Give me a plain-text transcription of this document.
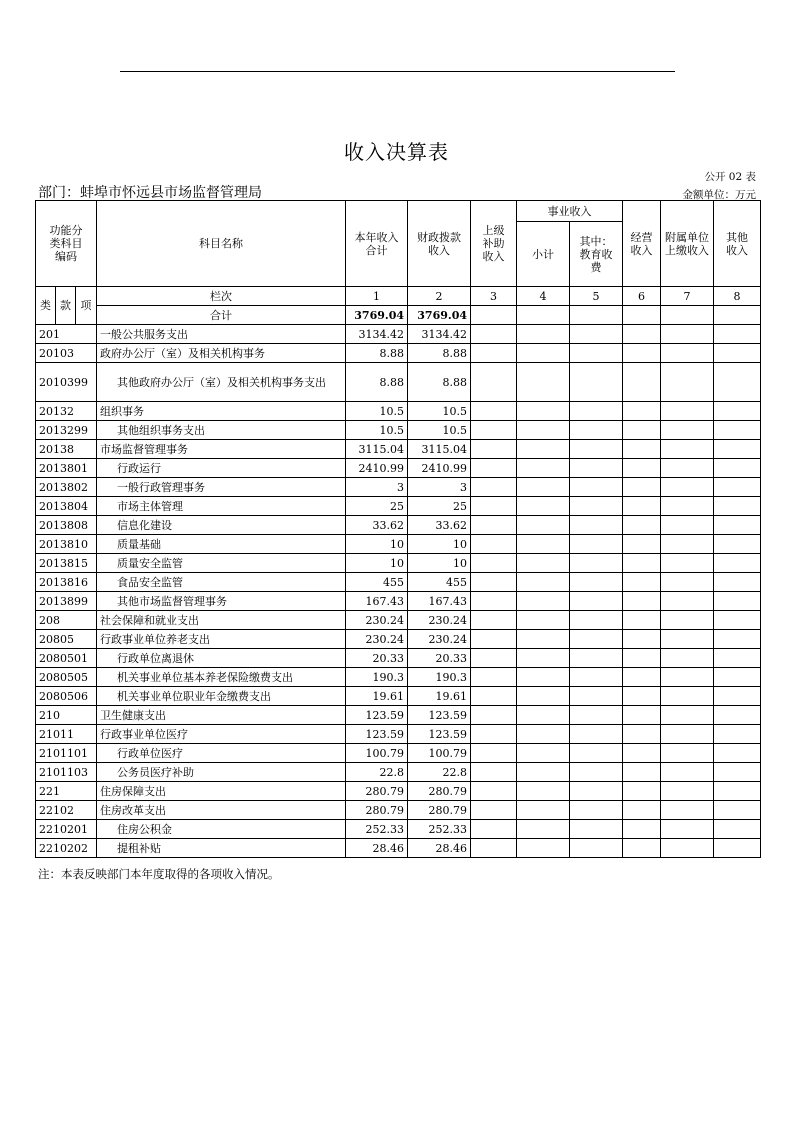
收入决算表
公开 02 表
部门：蚌埠市怀远县市场监督管理局	金额单位：万元
功能分类科目编码			科目名称	本年收入合计	财政拨款收入	上级补助收入	事业收入		经营收入	附属单位上缴收入	其他收入
							小计	其中：教育收费			
类	款	项	栏次	1	2	3	4	5	6	7	8
			合计	3769.04	3769.04						
201			一般公共服务支出	3134.42	3134.42						
20103			政府办公厅（室）及相关机构事务	8.88	8.88						
2010399			其他政府办公厅（室）及相关机构事务支出	8.88	8.88						
20132			组织事务	10.5	10.5						
2013299			其他组织事务支出	10.5	10.5						
20138			市场监督管理事务	3115.04	3115.04						
2013801			行政运行	2410.99	2410.99						
2013802			一般行政管理事务	3	3						
2013804			市场主体管理	25	25						
2013808			信息化建设	33.62	33.62						
2013810			质量基础	10	10						
2013815			质量安全监管	10	10						
2013816			食品安全监管	455	455						
2013899			其他市场监督管理事务	167.43	167.43						
208			社会保障和就业支出	230.24	230.24						
20805			行政事业单位养老支出	230.24	230.24						
2080501			行政单位离退休	20.33	20.33						
2080505			机关事业单位基本养老保险缴费支出	190.3	190.3						
2080506			机关事业单位职业年金缴费支出	19.61	19.61						
210			卫生健康支出	123.59	123.59						
21011			行政事业单位医疗	123.59	123.59						
2101101			行政单位医疗	100.79	100.79						
2101103			公务员医疗补助	22.8	22.8						
221			住房保障支出	280.79	280.79						
22102			住房改革支出	280.79	280.79						
2210201			住房公积金	252.33	252.33						
2210202			提租补贴	28.46	28.46						
注：本表反映部门本年度取得的各项收入情况。
